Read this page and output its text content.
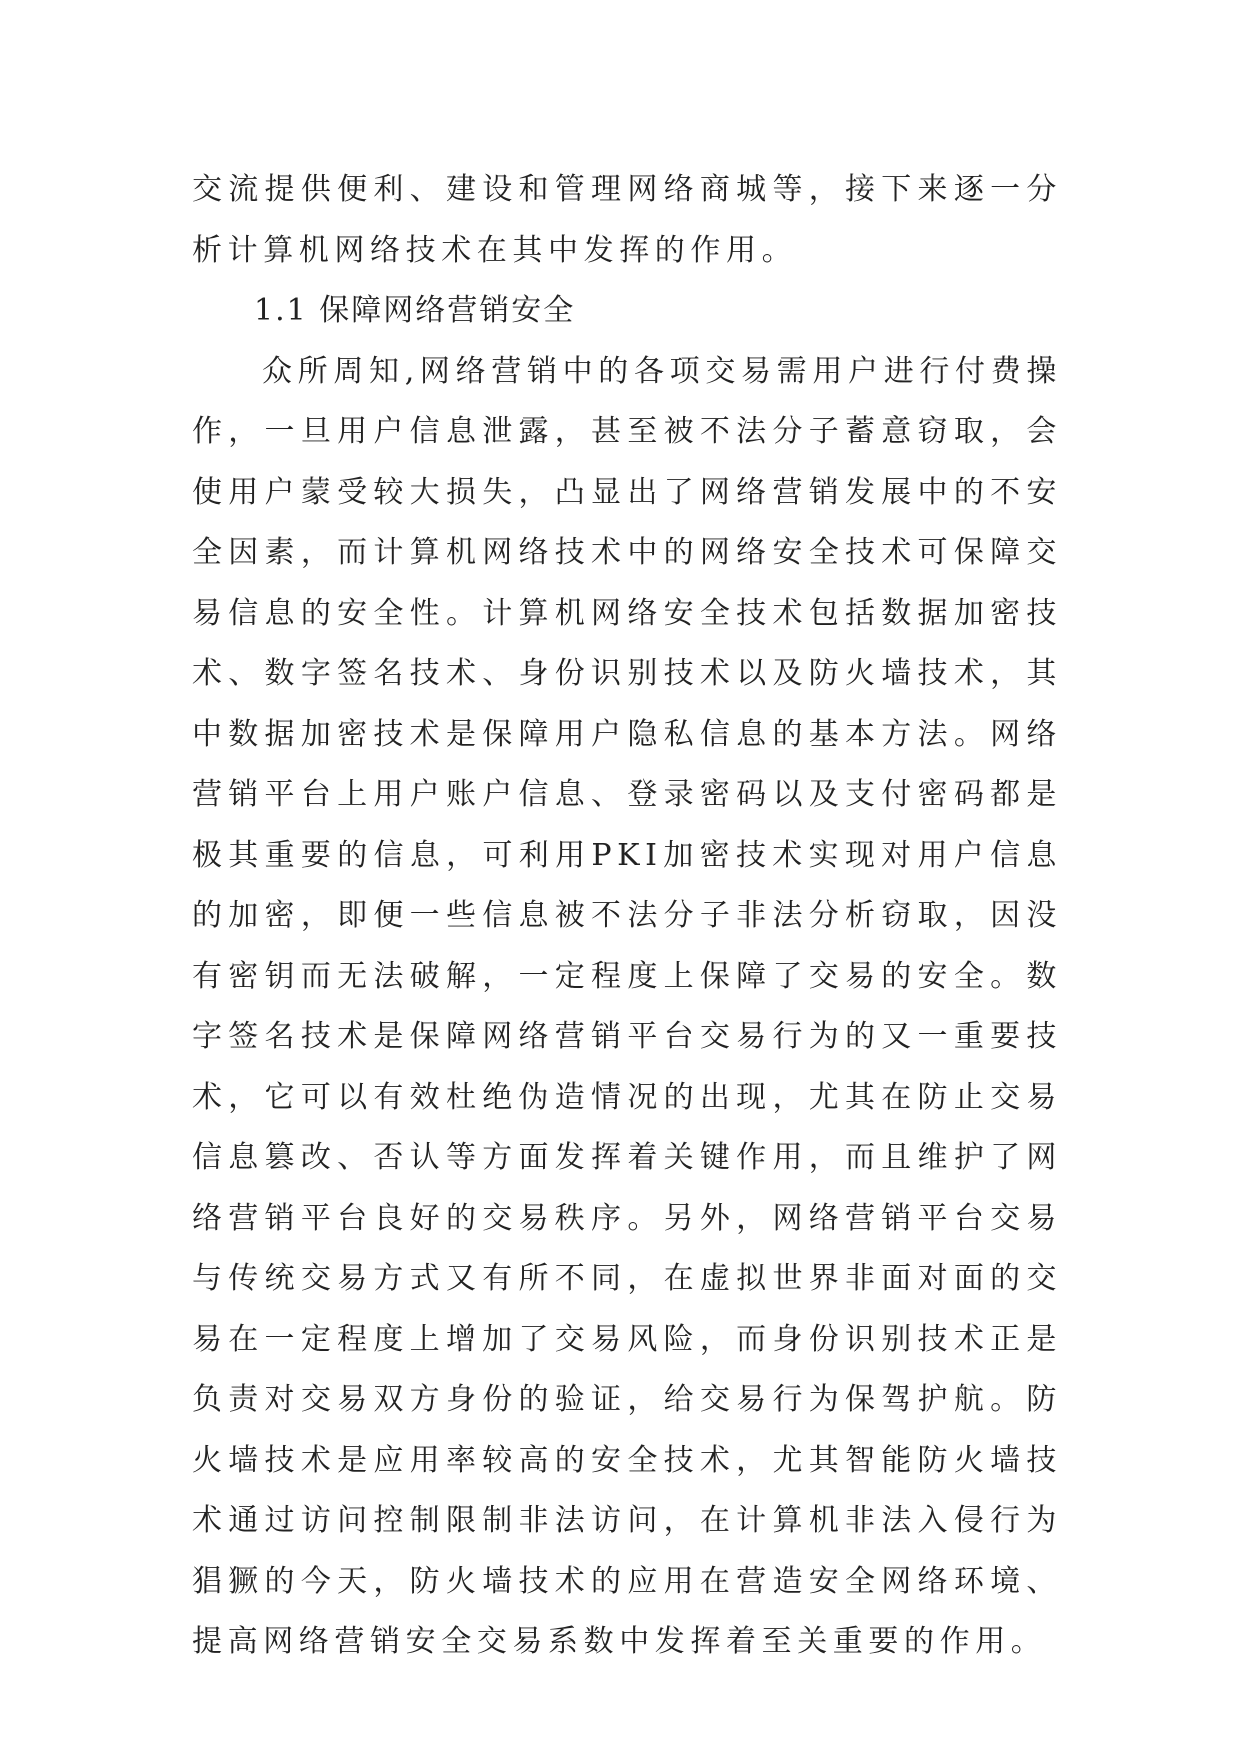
交流提供便利、建设和管理网络商城等，接下来逐一分析计算机网络技术在其中发挥的作用。

1.1 保障网络营销安全

众所周知,网络营销中的各项交易需用户进行付费操作，一旦用户信息泄露，甚至被不法分子蓄意窃取，会使用户蒙受较大损失，凸显出了网络营销发展中的不安全因素，而计算机网络技术中的网络安全技术可保障交易信息的安全性。计算机网络安全技术包括数据加密技术、数字签名技术、身份识别技术以及防火墙技术，其中数据加密技术是保障用户隐私信息的基本方法。网络营销平台上用户账户信息、登录密码以及支付密码都是极其重要的信息，可利用PKI加密技术实现对用户信息的加密，即便一些信息被不法分子非法分析窃取，因没有密钥而无法破解，一定程度上保障了交易的安全。数字签名技术是保障网络营销平台交易行为的又一重要技术，它可以有效杜绝伪造情况的出现，尤其在防止交易信息篡改、否认等方面发挥着关键作用，而且维护了网络营销平台良好的交易秩序。另外，网络营销平台交易与传统交易方式又有所不同，在虚拟世界非面对面的交易在一定程度上增加了交易风险，而身份识别技术正是负责对交易双方身份的验证，给交易行为保驾护航。防火墙技术是应用率较高的安全技术，尤其智能防火墙技术通过访问控制限制非法访问，在计算机非法入侵行为猖獗的今天，防火墙技术的应用在营造安全网络环境、提高网络营销安全交易系数中发挥着至关重要的作用。
